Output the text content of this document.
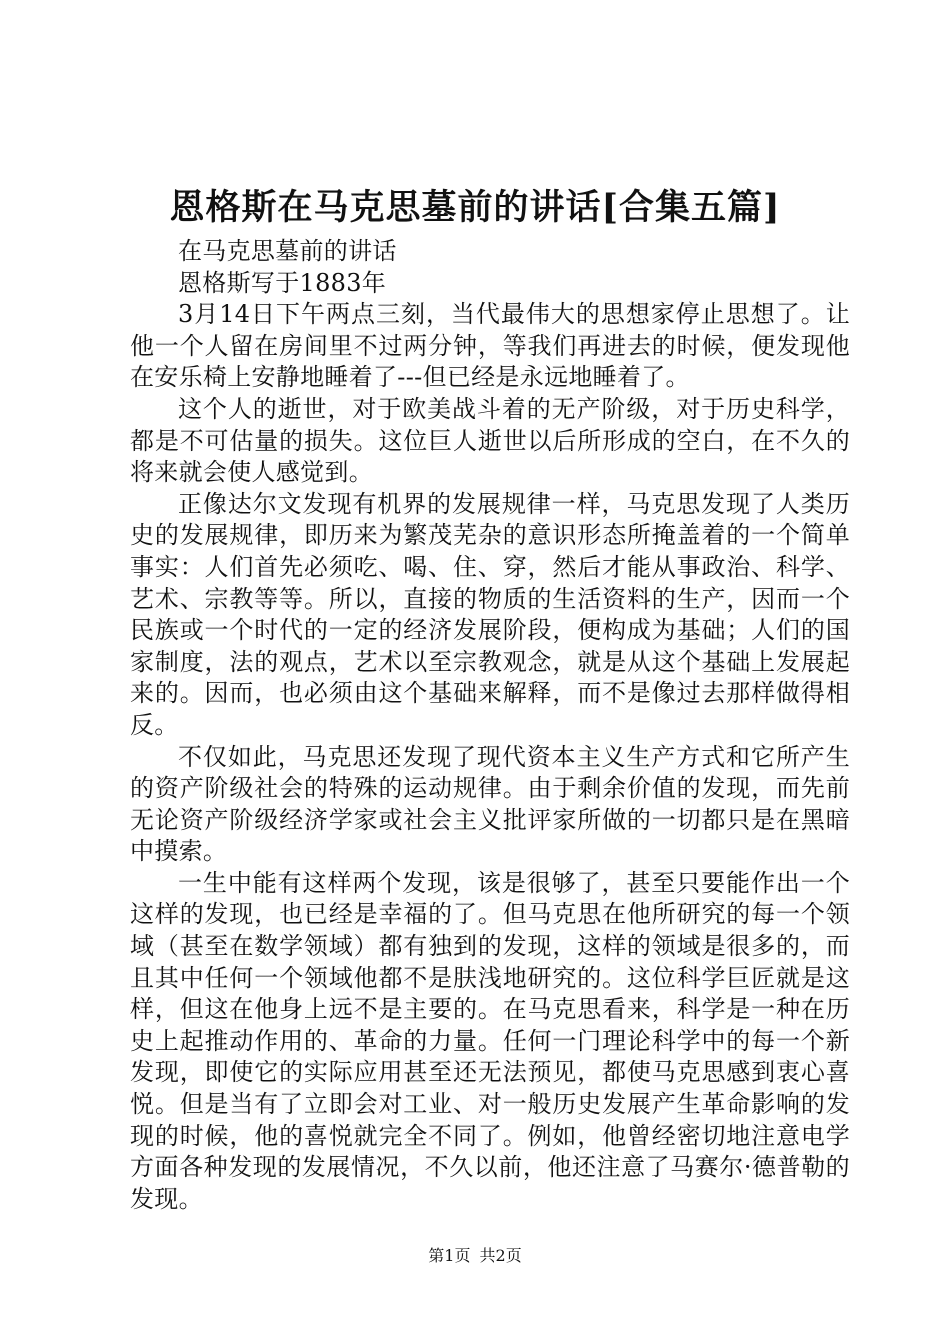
恩格斯在马克思墓前的讲话[合集五篇]

在马克思墓前的讲话

恩格斯写于1883年

3月14日下午两点三刻，当代最伟大的思想家停止思想了。让他一个人留在房间里不过两分钟，等我们再进去的时候，便发现他在安乐椅上安静地睡着了---但已经是永远地睡着了。

这个人的逝世，对于欧美战斗着的无产阶级，对于历史科学，都是不可估量的损失。这位巨人逝世以后所形成的空白，在不久的将来就会使人感觉到。

正像达尔文发现有机界的发展规律一样，马克思发现了人类历史的发展规律，即历来为繁茂芜杂的意识形态所掩盖着的一个简单事实：人们首先必须吃、喝、住、穿，然后才能从事政治、科学、艺术、宗教等等。所以，直接的物质的生活资料的生产，因而一个民族或一个时代的一定的经济发展阶段，便构成为基础；人们的国家制度，法的观点，艺术以至宗教观念，就是从这个基础上发展起来的。因而，也必须由这个基础来解释，而不是像过去那样做得相反。

不仅如此，马克思还发现了现代资本主义生产方式和它所产生的资产阶级社会的特殊的运动规律。由于剩余价值的发现，而先前无论资产阶级经济学家或社会主义批评家所做的一切都只是在黑暗中摸索。

一生中能有这样两个发现，该是很够了，甚至只要能作出一个这样的发现，也已经是幸福的了。但马克思在他所研究的每一个领域（甚至在数学领域）都有独到的发现，这样的领域是很多的，而且其中任何一个领域他都不是肤浅地研究的。这位科学巨匠就是这样，但这在他身上远不是主要的。在马克思看来，科学是一种在历史上起推动作用的、革命的力量。任何一门理论科学中的每一个新发现，即使它的实际应用甚至还无法预见，都使马克思感到衷心喜悦。但是当有了立即会对工业、对一般历史发展产生革命影响的发现的时候，他的喜悦就完全不同了。例如，他曾经密切地注意电学方面各种发现的发展情况，不久以前，他还注意了马赛尔·德普勒的发现。

第1页 共2页
